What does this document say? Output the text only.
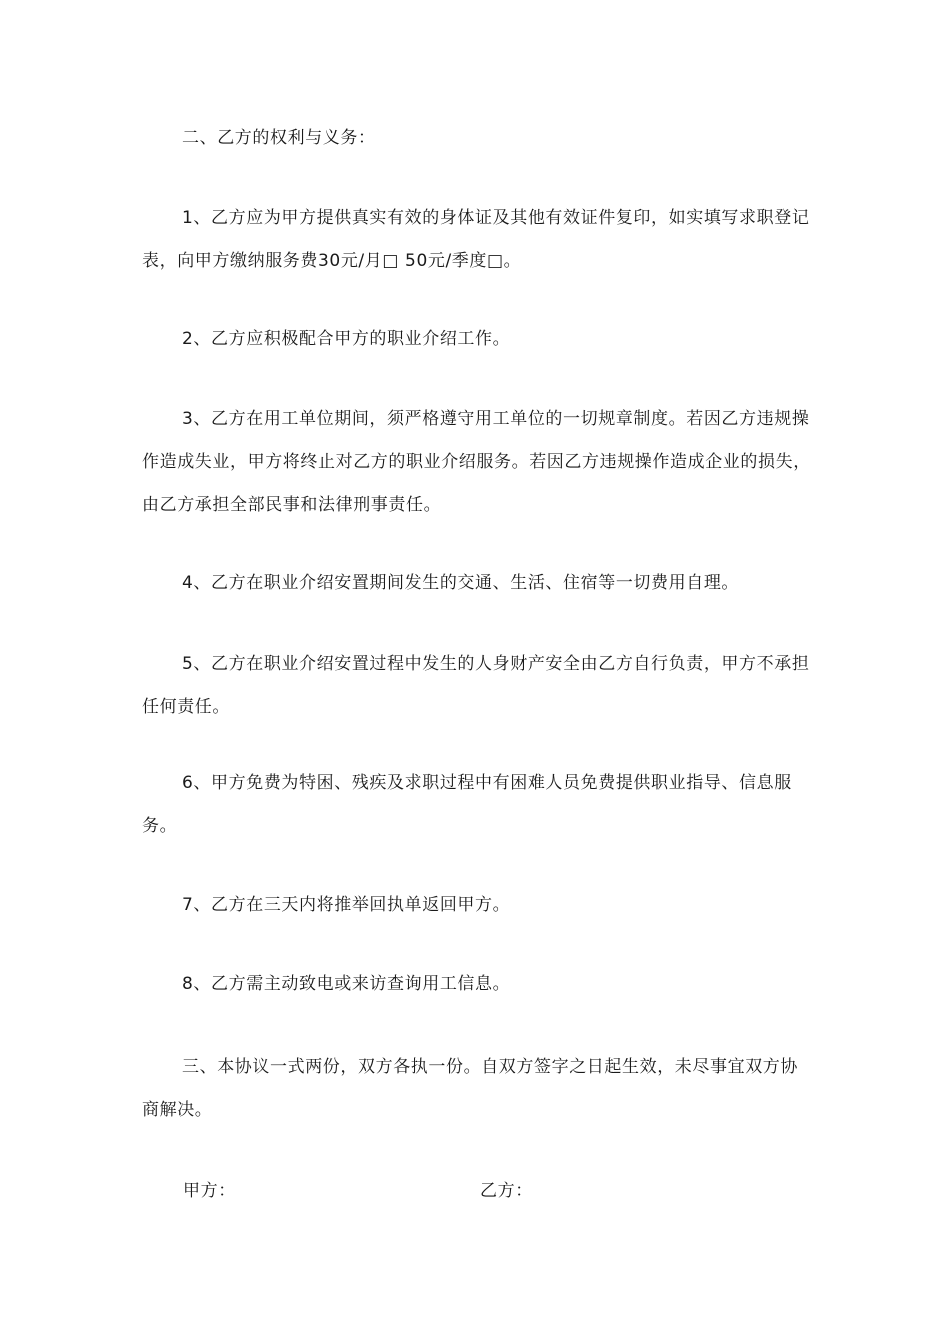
二、乙方的权利与义务：

1、乙方应为甲方提供真实有效的身体证及其他有效证件复印，如实填写求职登记表，向甲方缴纳服务费30元/月□ 50元/季度□。

2、乙方应积极配合甲方的职业介绍工作。

3、乙方在用工单位期间，须严格遵守用工单位的一切规章制度。若因乙方违规操作造成失业，甲方将终止对乙方的职业介绍服务。若因乙方违规操作造成企业的损失，由乙方承担全部民事和法律刑事责任。

4、乙方在职业介绍安置期间发生的交通、生活、住宿等一切费用自理。

5、乙方在职业介绍安置过程中发生的人身财产安全由乙方自行负责，甲方不承担任何责任。

6、甲方免费为特困、残疾及求职过程中有困难人员免费提供职业指导、信息服务。

7、乙方在三天内将推举回执单返回甲方。

8、乙方需主动致电或来访查询用工信息。

三、本协议一式两份，双方各执一份。自双方签字之日起生效，未尽事宜双方协商解决。

甲方：	乙方：
